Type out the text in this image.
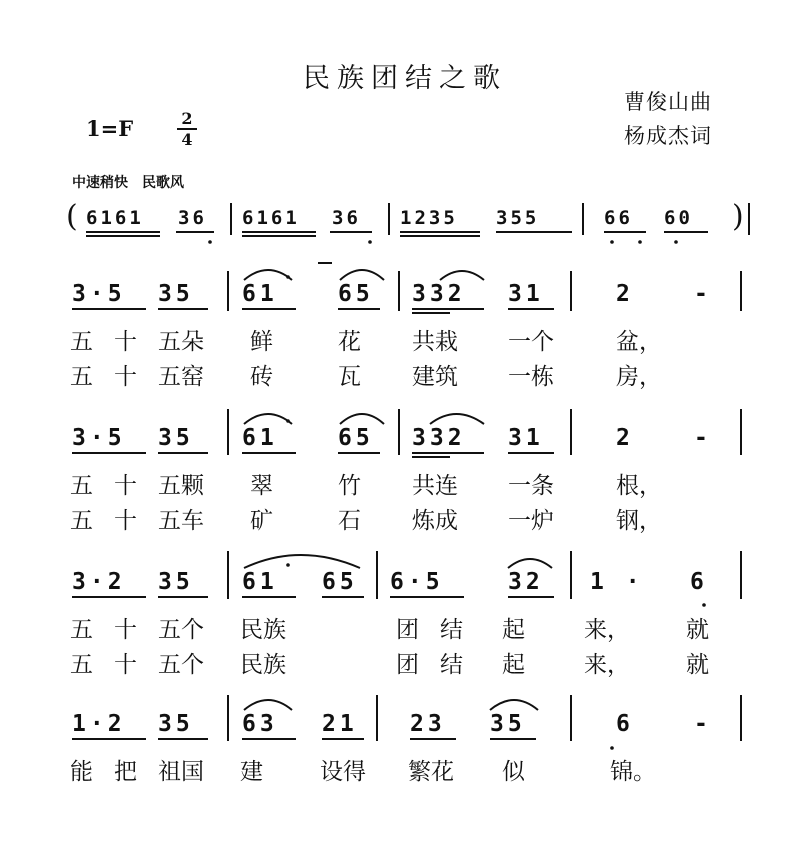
民族团结之歌
曹俊山曲
杨成杰词
1=F	2
4
中速稍快　民歌风
( 6161 36 6161 36 1235 355	66 60 )
3·5 35 61	65 332 31	2	-
五 十 五朵 鲜	花 共栽 一个	盆，
五 十 五窑 砖	瓦 建筑 一栋	房，
3·5 35 61	65 332 31	2	-
五 十 五颗 翠	竹 共连 一条	根，
五 十 五车 矿	石 炼成 一炉	钢，
3·2 35 61 65 6·5	32 1 · 6
五 十 五个 民族	团 结 起	来， 就
五 十 五个 民族	团 结 起	来， 就
1·2 35 63 21 23 35	6	-
能 把 祖国 建 设得 繁花 似	锦。
